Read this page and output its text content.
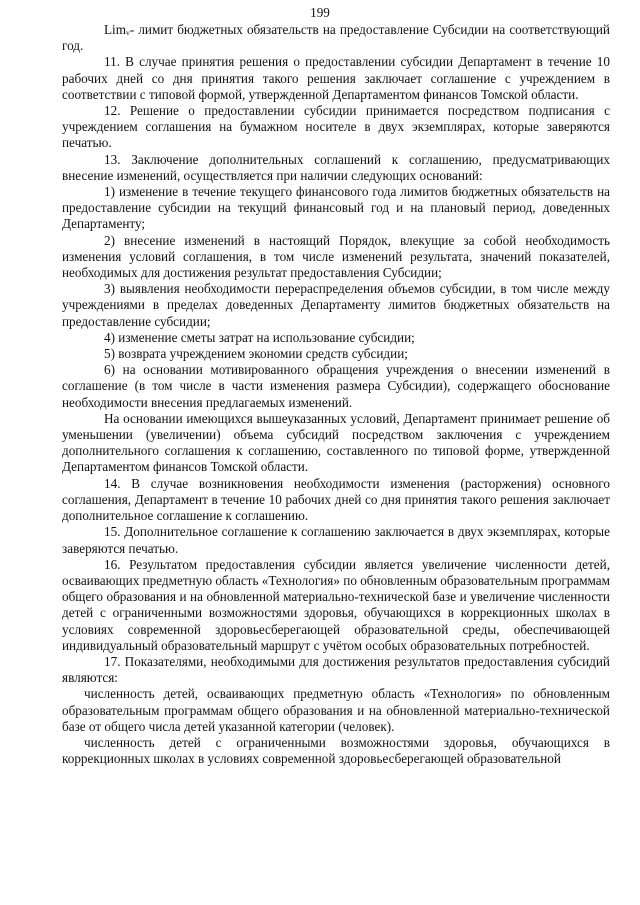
199

Limᵥ- лимит бюджетных обязательств на предоставление Субсидии на соответствующий год.

11. В случае принятия решения о предоставлении субсидии Департамент в течение 10 рабочих дней со дня принятия такого решения заключает соглашение с учреждением в соответствии с типовой формой, утвержденной Департаментом финансов Томской области.

12. Решение о предоставлении субсидии принимается посредством подписания с учреждением соглашения на бумажном носителе в двух экземплярах, которые заверяются печатью.

13. Заключение дополнительных соглашений к соглашению, предусматривающих внесение изменений, осуществляется при наличии следующих оснований:

1) изменение в течение текущего финансового года лимитов бюджетных обязательств на предоставление субсидии на текущий финансовый год и на плановый период, доведенных Департаменту;

2) внесение изменений в настоящий Порядок, влекущие за собой необходимость изменения условий соглашения, в том числе изменений результата, значений показателей, необходимых для достижения результат предоставления Субсидии;

3) выявления необходимости перераспределения объемов субсидии, в том числе между учреждениями в пределах доведенных Департаменту лимитов бюджетных обязательств на предоставление субсидии;

4) изменение сметы затрат на использование субсидии;

5) возврата учреждением экономии средств субсидии;

6) на основании мотивированного обращения учреждения о внесении изменений в соглашение (в том числе в части изменения размера Субсидии), содержащего обоснование необходимости внесения предлагаемых изменений.

На основании имеющихся вышеуказанных условий, Департамент принимает решение об уменьшении (увеличении) объема субсидий посредством заключения с учреждением дополнительного соглашения к соглашению, составленного по типовой форме, утвержденной Департаментом финансов Томской области.

14. В случае возникновения необходимости изменения (расторжения) основного соглашения, Департамент в течение 10 рабочих дней со дня принятия такого решения заключает дополнительное соглашение к соглашению.

15. Дополнительное соглашение к соглашению заключается в двух экземплярах, которые заверяются печатью.

16. Результатом предоставления субсидии является увеличение численности детей, осваивающих предметную область «Технология» по обновленным образовательным программам общего образования и на обновленной материально-технической базе и увеличение численности детей с ограниченными возможностями здоровья, обучающихся в коррекционных школах в условиях современной здоровьесберегающей образовательной среды, обеспечивающей индивидуальный образовательный маршрут с учётом особых образовательных потребностей.

17. Показателями, необходимыми для достижения результатов предоставления субсидий являются:

численность детей, осваивающих предметную область «Технология» по обновленным образовательным программам общего образования и на обновленной материально-технической базе от общего числа детей указанной категории (человек).

численность детей с ограниченными возможностями здоровья, обучающихся в коррекционных школах в условиях современной здоровьесберегающей образовательной
